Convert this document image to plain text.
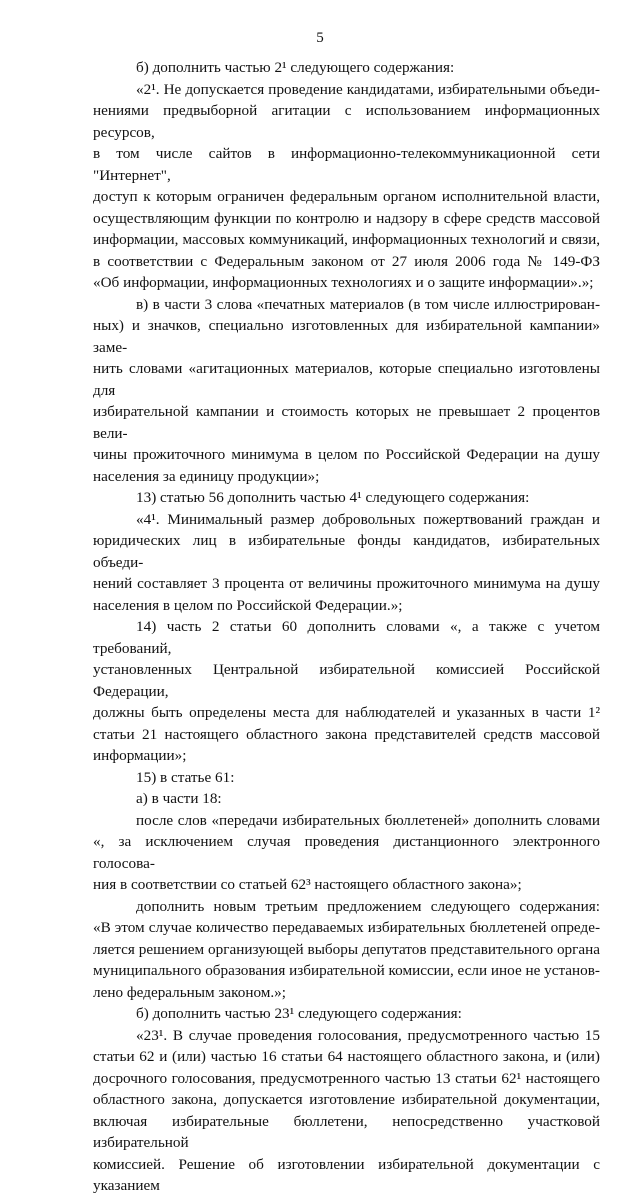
5

б) дополнить частью 2¹ следующего содержания:

«2¹. Не допускается проведение кандидатами, избирательными объеди-

нениями предвыборной агитации с использованием информационных ресурсов,

в том числе сайтов в информационно-телекоммуникационной сети "Интернет",

доступ к которым ограничен федеральным органом исполнительной власти,

осуществляющим функции по контролю и надзору в сфере средств массовой

информации, массовых коммуникаций, информационных технологий и связи,

в соответствии с Федеральным законом от 27 июля 2006 года № 149-ФЗ

«Об информации, информационных технологиях и о защите информации».»;

в) в части 3 слова «печатных материалов (в том числе иллюстрирован-

ных) и значков, специально изготовленных для избирательной кампании» заме-

нить словами «агитационных материалов, которые специально изготовлены для

избирательной кампании и стоимость которых не превышает 2 процентов вели-

чины прожиточного минимума в целом по Российской Федерации на душу

населения за единицу продукции»;

13) статью 56 дополнить частью 4¹ следующего содержания:

«4¹. Минимальный размер добровольных пожертвований граждан и

юридических лиц в избирательные фонды кандидатов, избирательных объеди-

нений составляет 3 процента от величины прожиточного минимума на душу

населения в целом по Российской Федерации.»;

14) часть 2 статьи 60 дополнить словами «, а также с учетом требований,

установленных Центральной избирательной комиссией Российской Федерации,

должны быть определены места для наблюдателей и указанных в части 1²

статьи 21 настоящего областного закона представителей средств массовой

информации»;

15) в статье 61:

а) в части 18:

после слов «передачи избирательных бюллетеней» дополнить словами

«, за исключением случая проведения дистанционного электронного голосова-

ния в соответствии со статьей 62³ настоящего областного закона»;

дополнить новым третьим предложением следующего содержания:

«В этом случае количество передаваемых избирательных бюллетеней опреде-

ляется решением организующей выборы депутатов представительного органа

муниципального образования избирательной комиссии, если иное не установ-

лено федеральным законом.»;

б) дополнить частью 23¹ следующего содержания:

«23¹. В случае проведения голосования, предусмотренного частью 15

статьи 62 и (или) частью 16 статьи 64 настоящего областного закона, и (или)

досрочного голосования, предусмотренного частью 13 статьи 62¹ настоящего

областного закона, допускается изготовление избирательной документации,

включая избирательные бюллетени, непосредственно участковой избирательной

комиссией. Решение об изготовлении избирательной документации с указанием
